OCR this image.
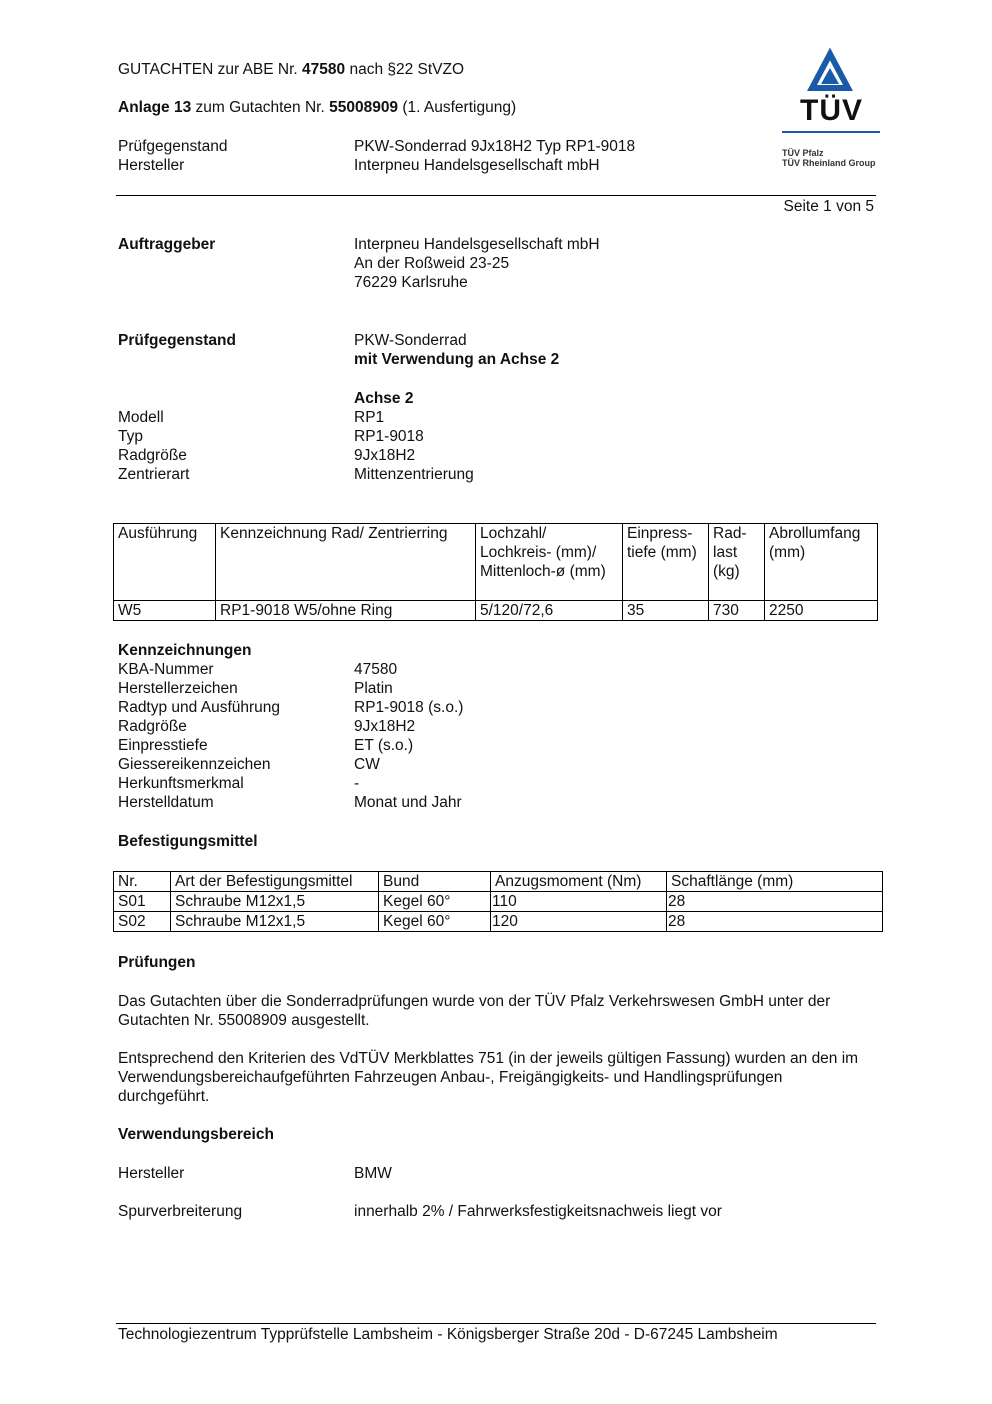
GUTACHTEN zur ABE Nr. 47580 nach §22 StVZO
Anlage 13 zum Gutachten Nr. 55008909 (1. Ausfertigung)
Prüfgegenstand	PKW-Sonderrad 9Jx18H2 Typ RP1-9018
Hersteller	Interpneu Handelsgesellschaft mbH
TÜV
TÜV Pfalz
TÜV Rheinland Group
Seite 1 von 5
Auftraggeber	Interpneu Handelsgesellschaft mbH
An der Roßweid 23-25
76229 Karlsruhe
Prüfgegenstand	PKW-Sonderrad
mit Verwendung an Achse 2
Achse 2
Modell	RP1
Typ	RP1-9018
Radgröße	9Jx18H2
Zentrierart	Mittenzentrierung
Ausführung	Kennzeichnung Rad/ Zentrierring	Lochzahl/ Lochkreis- (mm)/ Mittenloch-ø (mm)	Einpress- tiefe (mm)	Rad- last (kg)	Abrollumfang (mm)
W5	RP1-9018 W5/ohne Ring	5/120/72,6	35	730	2250
Kennzeichnungen
KBA-Nummer	47580
Herstellerzeichen	Platin
Radtyp und Ausführung	RP1-9018 (s.o.)
Radgröße	9Jx18H2
Einpresstiefe	ET (s.o.)
Giessereikennzeichen	CW
Herkunftsmerkmal	-
Herstelldatum	Monat und Jahr
Befestigungsmittel
Nr.	Art der Befestigungsmittel	Bund	Anzugsmoment (Nm)	Schaftlänge (mm)
S01	Schraube M12x1,5	Kegel 60°	110	28
S02	Schraube M12x1,5	Kegel 60°	120	28
Prüfungen
Das Gutachten über die Sonderradprüfungen wurde von der TÜV Pfalz Verkehrswesen GmbH unter der Gutachten Nr. 55008909 ausgestellt.
Entsprechend den Kriterien des VdTÜV Merkblattes 751 (in der jeweils gültigen Fassung) wurden an den im Verwendungsbereichaufgeführten Fahrzeugen Anbau-, Freigängigkeits- und Handlingsprüfungen durchgeführt.
Verwendungsbereich
Hersteller	BMW
Spurverbreiterung	innerhalb 2% / Fahrwerksfestigkeitsnachweis liegt vor
Technologiezentrum Typprüfstelle Lambsheim - Königsberger Straße 20d - D-67245 Lambsheim
